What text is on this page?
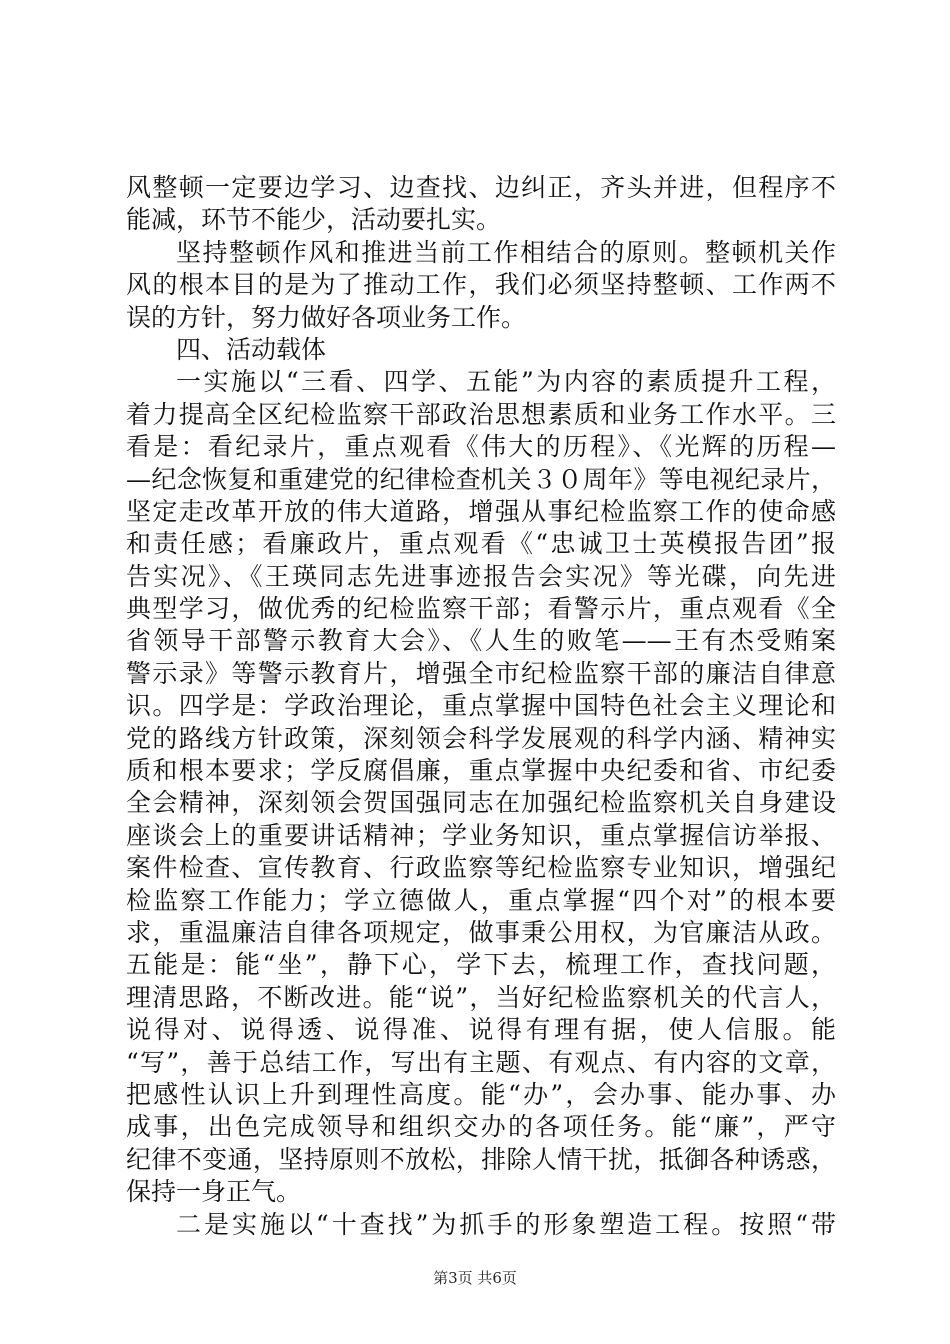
风整顿一定要边学习、边查找、边纠正，齐头并进，但程序不
能减，环节不能少，活动要扎实。
坚持整顿作风和推进当前工作相结合的原则。整顿机关作
风的根本目的是为了推动工作，我们必须坚持整顿、工作两不
误的方针，努力做好各项业务工作。
四、活动载体
一实施以“三看、四学、五能”为内容的素质提升工程，
着力提高全区纪检监察干部政治思想素质和业务工作水平。三
看是：看纪录片，重点观看《伟大的历程》、《光辉的历程—
—纪念恢复和重建党的纪律检查机关３０周年》等电视纪录片，
坚定走改革开放的伟大道路，增强从事纪检监察工作的使命感
和责任感；看廉政片，重点观看《“忠诚卫士英模报告团”报
告实况》、《王瑛同志先进事迹报告会实况》等光碟，向先进
典型学习，做优秀的纪检监察干部；看警示片，重点观看《全
省领导干部警示教育大会》、《人生的败笔——王有杰受贿案
警示录》等警示教育片，增强全市纪检监察干部的廉洁自律意
识。四学是：学政治理论，重点掌握中国特色社会主义理论和
党的路线方针政策，深刻领会科学发展观的科学内涵、精神实
质和根本要求；学反腐倡廉，重点掌握中央纪委和省、市纪委
全会精神，深刻领会贺国强同志在加强纪检监察机关自身建设
座谈会上的重要讲话精神；学业务知识，重点掌握信访举报、
案件检查、宣传教育、行政监察等纪检监察专业知识，增强纪
检监察工作能力；学立德做人，重点掌握“四个对”的根本要
求，重温廉洁自律各项规定，做事秉公用权，为官廉洁从政。
五能是：能“坐”，静下心，学下去，梳理工作，查找问题，
理清思路，不断改进。能“说”，当好纪检监察机关的代言人，
说得对、说得透、说得准、说得有理有据，使人信服。能
“写”，善于总结工作，写出有主题、有观点、有内容的文章，
把感性认识上升到理性高度。能“办”，会办事、能办事、办
成事，出色完成领导和组织交办的各项任务。能“廉”，严守
纪律不变通，坚持原则不放松，排除人情干扰，抵御各种诱惑，
保持一身正气。
二是实施以“十查找”为抓手的形象塑造工程。按照“带
第3页 共6页
